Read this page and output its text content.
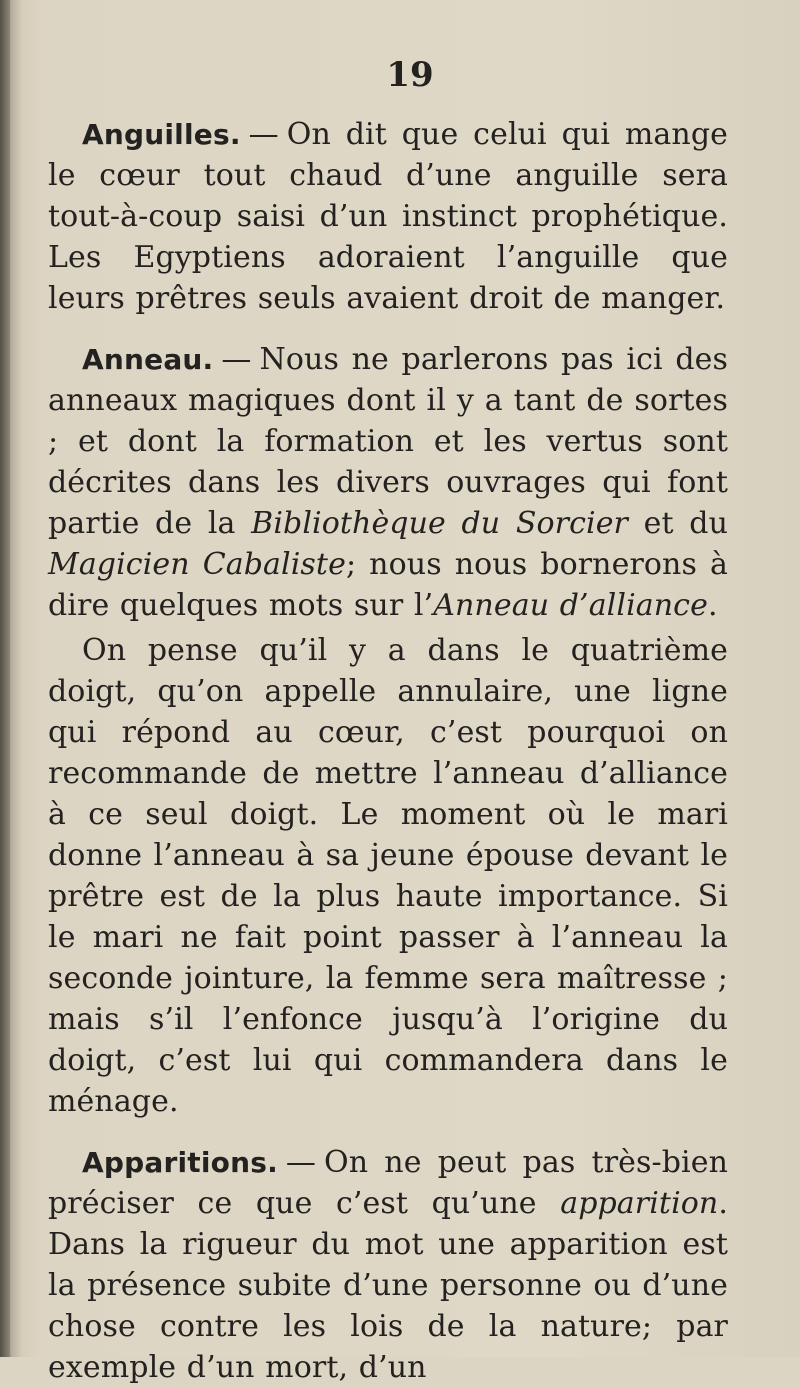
19

Anguilles. — On dit que celui qui mange le cœur tout chaud d’une anguille sera tout-à-coup saisi d’un instinct prophétique. Les Egyptiens adoraient l’anguille que leurs prêtres seuls avaient droit de manger.

Anneau. — Nous ne parlerons pas ici des anneaux magiques dont il y a tant de sortes ; et dont la formation et les vertus sont décrites dans les divers ouvrages qui font partie de la Bibliothèque du Sorcier et du Magicien Cabaliste; nous nous bornerons à dire quelques mots sur l’Anneau d’alliance.

On pense qu’il y a dans le quatrième doigt, qu’on appelle annulaire, une ligne qui répond au cœur, c’est pourquoi on recommande de mettre l’anneau d’alliance à ce seul doigt. Le moment où le mari donne l’anneau à sa jeune épouse devant le prêtre est de la plus haute importance. Si le mari ne fait point passer à l’anneau la seconde jointure, la femme sera maîtresse ; mais s’il l’enfonce jusqu’à l’origine du doigt, c’est lui qui commandera dans le ménage.

Apparitions. — On ne peut pas très-bien préciser ce que c’est qu’une apparition. Dans la rigueur du mot une apparition est la présence subite d’une personne ou d’une chose contre les lois de la nature; par exemple d’un mort, d’un
